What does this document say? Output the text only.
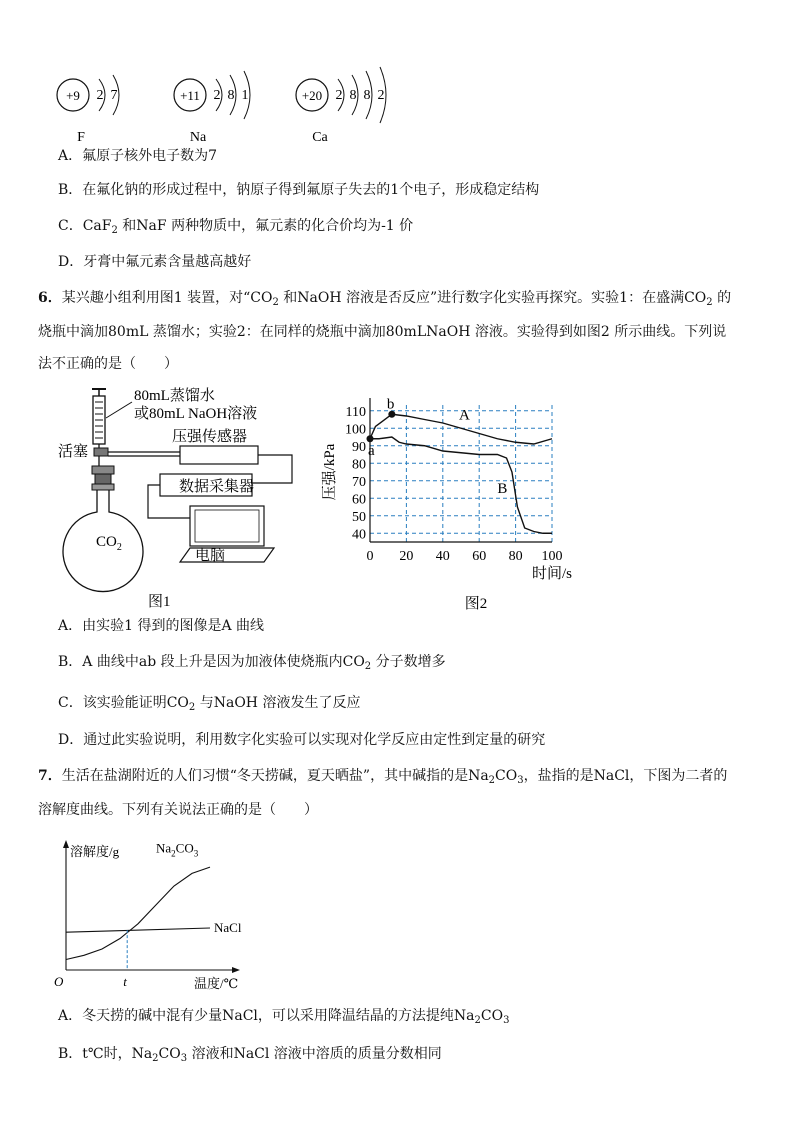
+9 2 7
F
+11 2 8 1
Na
+20 2 8 8 2
Ca
A．氟原子核外电子数为7
B．在氟化钠的形成过程中，钠原子得到氟原子失去的1个电子，形成稳定结构
C．CaF$_2$ 和NaF 两种物质中，氟元素的化合价均为-1 价
D．牙膏中氟元素含量越高越好
6．某兴趣小组利用图1 装置，对“$CO_2$ 和NaOH 溶液是否反应”进行数字化实验再探究。实验1：在盛满$CO_2$ 的
烧瓶中滴加80mL 蒸馏水；实验2：在同样的烧瓶中滴加80mLNaOH 溶液。实验得到如图2 所示曲线。下列说
法不正确的是（　　）
80mL蒸馏水
或80mL NaOH溶液
活塞
$CO_2$
压强传感器
数据采集器
电脑
图1
40
50
60
70
80
90
100
110
0 20 40 60 80 100
压强/kPa
时间/s
A
B
a
b
图2
A．由实验1 得到的图像是A 曲线
B．A 曲线中ab 段上升是因为加液体使烧瓶内$CO_2$ 分子数增多
C．该实验能证明$CO_2$ 与NaOH 溶液发生了反应
D．通过此实验说明，利用数字化实验可以实现对化学反应由定性到定量的研究
7．生活在盐湖附近的人们习惯“冬天捞碱，夏天晒盐”，其中碱指的是$Na_2CO_3$，盐指的是NaCl，下图为二者的
溶解度曲线。下列有关说法正确的是（　　）
t
O
溶解度/g
温度/℃
$Na_2CO_3$
NaCl
A．冬天捞的碱中混有少量NaCl，可以采用降温结晶的方法提纯$Na_2CO_3$
B．t℃时，$Na_2CO_3$ 溶液和NaCl 溶液中溶质的质量分数相同
